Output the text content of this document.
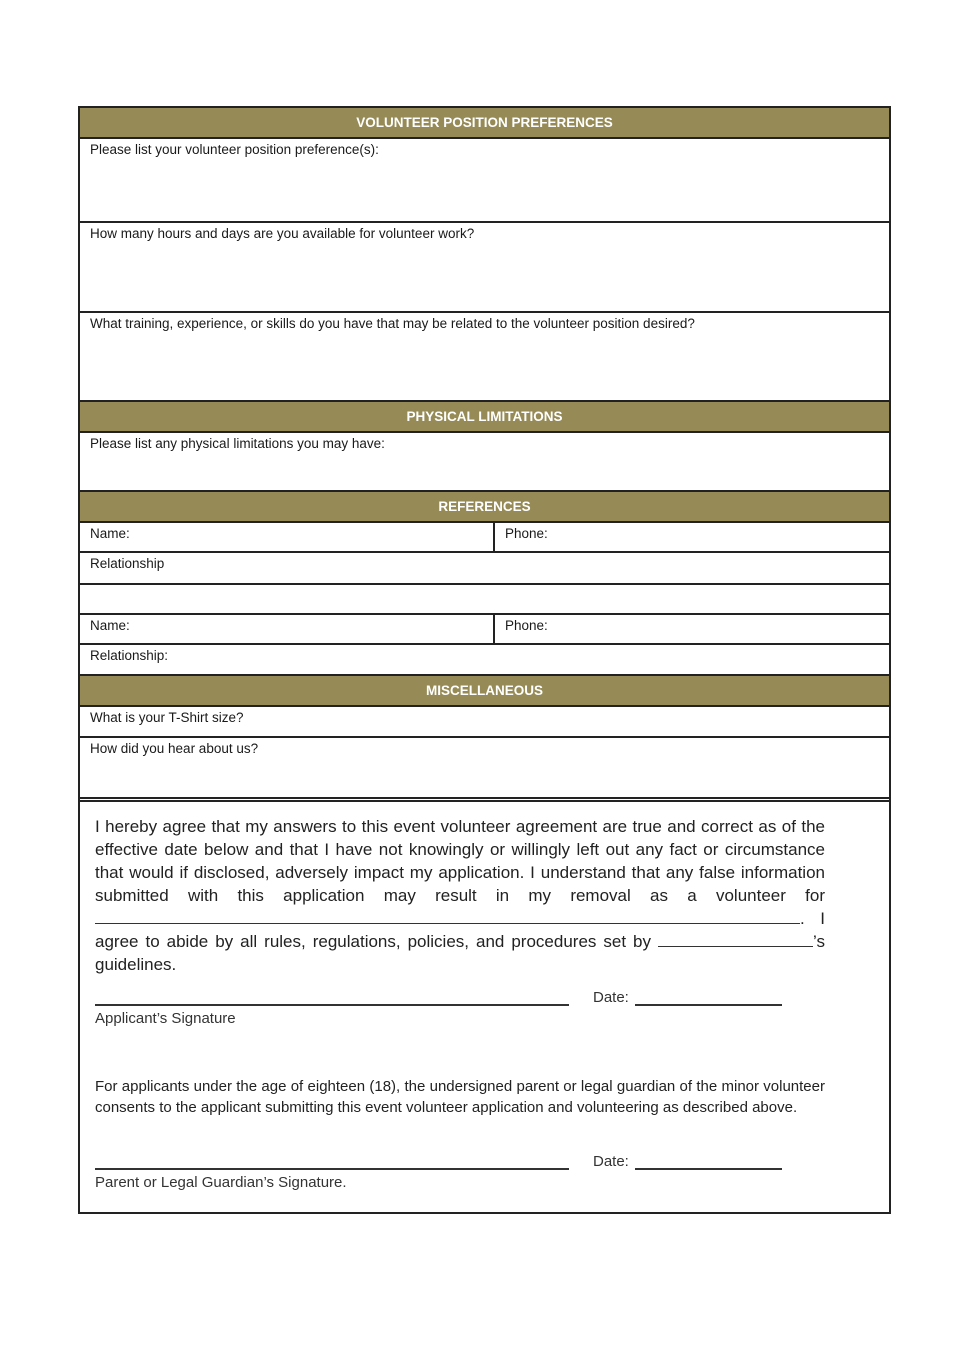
VOLUNTEER POSITION PREFERENCES
Please list your volunteer position preference(s):
How many hours and days are you available for volunteer work?
What training, experience, or skills do you have that may be related to the volunteer position desired?
PHYSICAL LIMITATIONS
Please list any physical limitations you may have:
REFERENCES
Name:	Phone:
Relationship
Name:	Phone:
Relationship:
MISCELLANEOUS
What is your T-Shirt size?
How did you hear about us?
I hereby agree that my answers to this event volunteer agreement are true and correct as of the effective date below and that I have not knowingly or willingly left out any fact or circumstance that would if disclosed, adversely impact my application. I understand that any false information submitted with this application may result in my removal as a volunteer for . I agree to abide by all rules, regulations, policies, and procedures set by	’s guidelines.
Date:
Applicant’s Signature
For applicants under the age of eighteen (18), the undersigned parent or legal guardian of the minor volunteer consents to the applicant submitting this event volunteer application and volunteering as described above.
Date:
Parent or Legal Guardian’s Signature.
